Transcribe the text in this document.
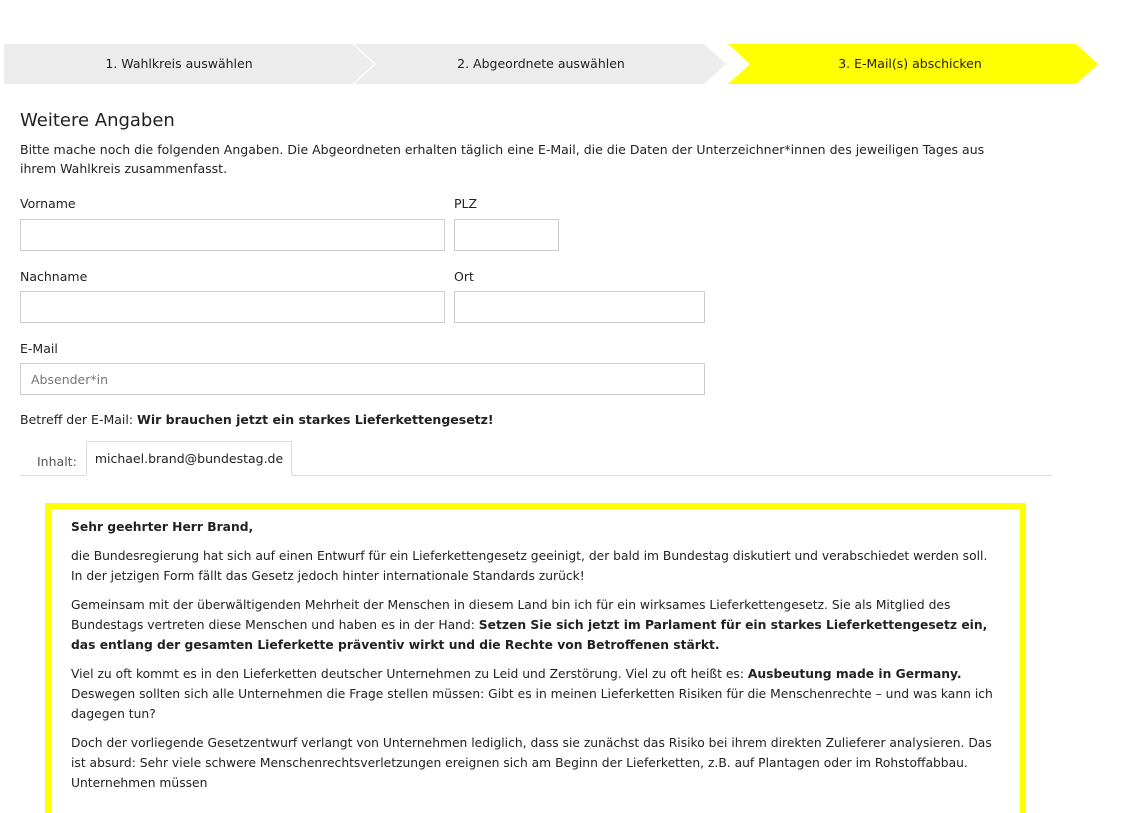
1. Wahlkreis auswählen	2. Abgeordnete auswählen	3. E-Mail(s) abschicken
Weitere Angaben
Bitte mache noch die folgenden Angaben. Die Abgeordneten erhalten täglich eine E-Mail, die die Daten der Unterzeichner*innen des jeweiligen Tages aus ihrem Wahlkreis zusammenfasst.
Vorname	PLZ
Nachname	Ort
E-Mail
Absender*in
Betreff der E-Mail: Wir brauchen jetzt ein starkes Lieferkettengesetz!
Inhalt:	michael.brand@bundestag.de

Sehr geehrter Herr Brand,

die Bundesregierung hat sich auf einen Entwurf für ein Lieferkettengesetz geeinigt, der bald im Bundestag diskutiert und verabschiedet werden soll. In der jetzigen Form fällt das Gesetz jedoch hinter internationale Standards zurück!

Gemeinsam mit der überwältigenden Mehrheit der Menschen in diesem Land bin ich für ein wirksames Lieferkettengesetz. Sie als Mitglied des Bundestags vertreten diese Menschen und haben es in der Hand: Setzen Sie sich jetzt im Parlament für ein starkes Lieferkettengesetz ein, das entlang der gesamten Lieferkette präventiv wirkt und die Rechte von Betroffenen stärkt.

Viel zu oft kommt es in den Lieferketten deutscher Unternehmen zu Leid und Zerstörung. Viel zu oft heißt es: Ausbeutung made in Germany. Deswegen sollten sich alle Unternehmen die Frage stellen müssen: Gibt es in meinen Lieferketten Risiken für die Menschenrechte – und was kann ich dagegen tun?

Doch der vorliegende Gesetzentwurf verlangt von Unternehmen lediglich, dass sie zunächst das Risiko bei ihrem direkten Zulieferer analysieren. Das ist absurd: Sehr viele schwere Menschenrechtsverletzungen ereignen sich am Beginn der Lieferketten, z.B. auf Plantagen oder im Rohstoffabbau. Unternehmen müssen
